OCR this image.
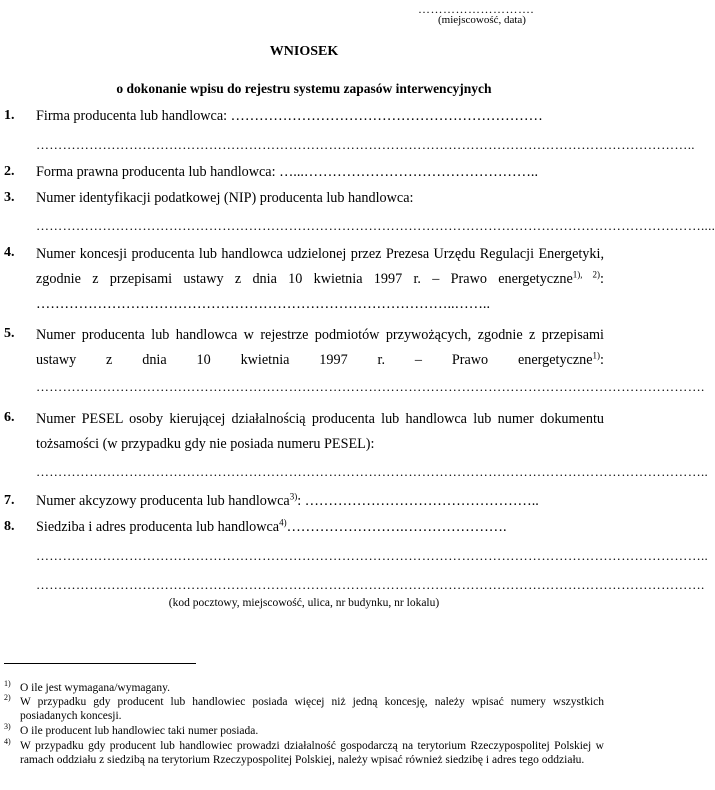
……………………….
(miejscowość, data)
WNIOSEK
o dokonanie wpisu do rejestru systemu zapasów interwencyjnych
1. Firma producenta lub handlowca: …………………………………………………………
…………………………………………………………………………………………………………………………………..
2. Forma prawna producenta lub handlowca: …...…………………………………………..
3. Numer identyfikacji podatkowej (NIP) producenta lub handlowca:
……………………………………………………………………………………………………………………………………....
4. Numer koncesji producenta lub handlowca udzielonej przez Prezesa Urzędu Regulacji Energetyki, zgodnie z przepisami ustawy z dnia 10 kwietnia 1997 r. – Prawo energetyczne$^{1), 2)}$: ……………………………………………………………………………..……..
5. Numer producenta lub handlowca w rejestrze podmiotów przywożących, zgodnie z przepisami ustawy z dnia 10 kwietnia 1997 r. – Prawo energetyczne$^{1)}$:
…………………………………………………………………………………………………………………………………….
6. Numer PESEL osoby kierującej działalnością producenta lub handlowca lub numer dokumentu tożsamości (w przypadku gdy nie posiada numeru PESEL):
……………………………………………………………………………………………………………………………………..
7. Numer akcyzowy producenta lub handlowca$^{3)}$: …………………………………………..
8. Siedziba i adres producenta lub handlowca$^{4)}$…………………….………………….
……………………………………………………………………………………………………………………………………..
…………………………………………………………………………………………………………………………………….
(kod pocztowy, miejscowość, ulica, nr budynku, nr lokalu)
1) O ile jest wymagana/wymagany.
2) W przypadku gdy producent lub handlowiec posiada więcej niż jedną koncesję, należy wpisać numery wszystkich posiadanych koncesji.
3) O ile producent lub handlowiec taki numer posiada.
4) W przypadku gdy producent lub handlowiec prowadzi działalność gospodarczą na terytorium Rzeczypospolitej Polskiej w ramach oddziału z siedzibą na terytorium Rzeczypospolitej Polskiej, należy wpisać również siedzibę i adres tego oddziału.
